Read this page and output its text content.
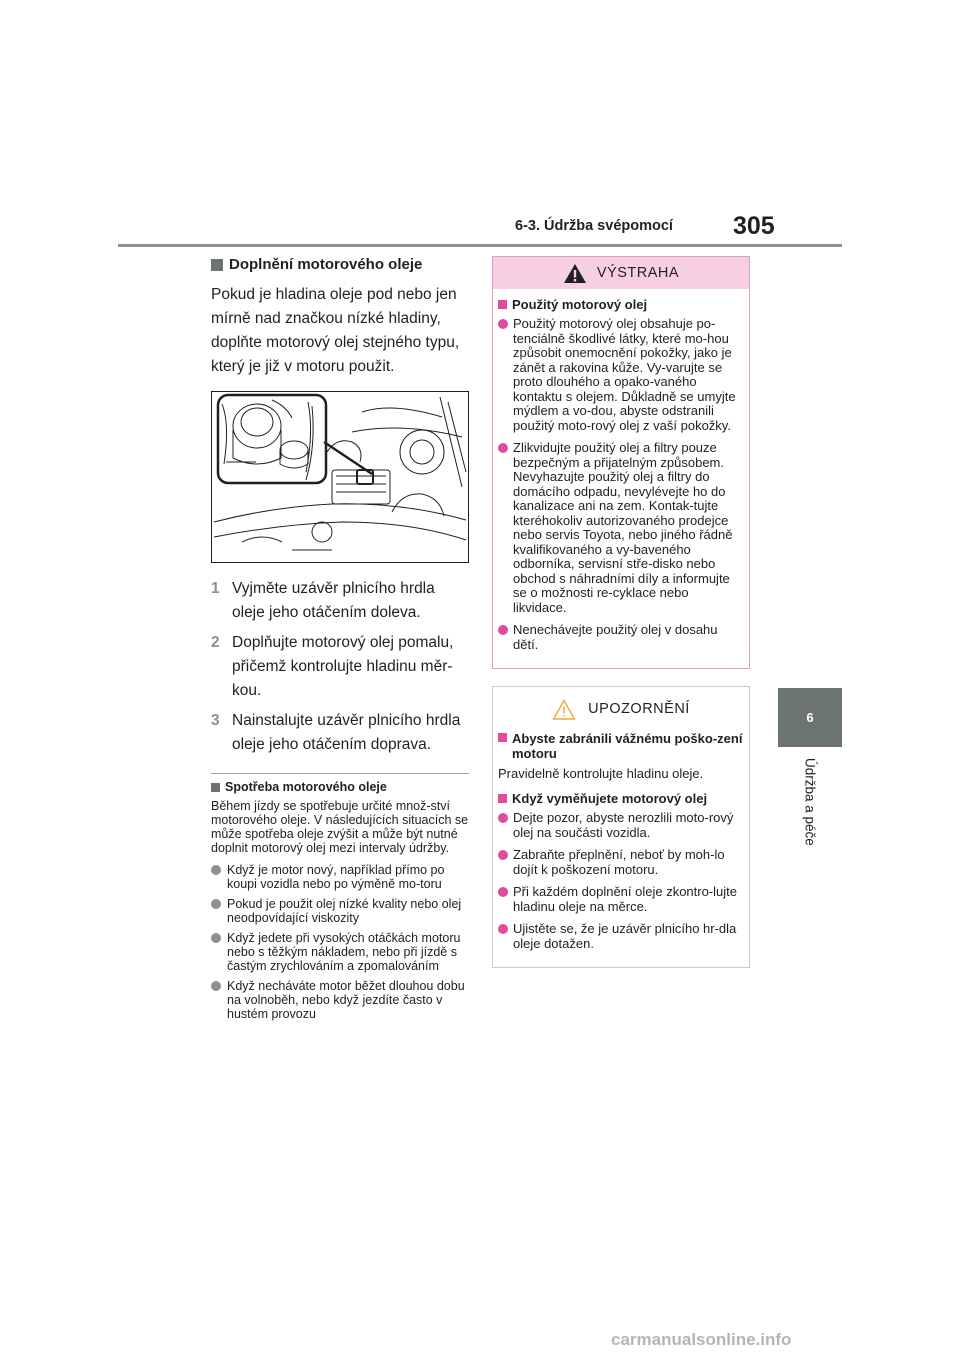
6-3. Údržba svépomocí 305
6
Údržba a péče
Doplnění motorového oleje

Pokud je hladina oleje pod nebo jen mírně nad značkou nízké hladiny, doplňte motorový olej stejného typu, který je již v motoru použit.

1 Vyjměte uzávěr plnicího hrdla oleje jeho otáčením doleva.
2 Doplňujte motorový olej pomalu, přičemž kontrolujte hladinu měr-kou.
3 Nainstalujte uzávěr plnicího hrdla oleje jeho otáčením doprava.
Spotřeba motorového oleje

Během jízdy se spotřebuje určité množ-ství motorového oleje. V následujících situacích se může spotřeba oleje zvýšit a může být nutné doplnit motorový olej mezi intervaly údržby.

Když je motor nový, například přímo po koupi vozidla nebo po výměně mo-toru
Pokud je použit olej nízké kvality nebo olej neodpovídající viskozity
Když jedete při vysokých otáčkách motoru nebo s těžkým nákladem, nebo při jízdě s častým zrychlováním a zpomalováním
Když necháváte motor běžet dlouhou dobu na volnoběh, nebo když jezdíte často v hustém provozu
VÝSTRAHA
Použitý motorový olej
Použitý motorový olej obsahuje po-tenciálně škodlivé látky, které mo-hou způsobit onemocnění pokožky, jako je zánět a rakovina kůže. Vy-varujte se proto dlouhého a opako-vaného kontaktu s olejem. Důkladně se umyjte mýdlem a vo-dou, abyste odstranili použitý moto-rový olej z vaší pokožky.
Zlikvidujte použitý olej a filtry pouze bezpečným a přijatelným způsobem. Nevyhazujte použitý olej a filtry do domácího odpadu, nevylévejte ho do kanalizace ani na zem. Kontak-tujte kteréhokoliv autorizovaného prodejce nebo servis Toyota, nebo jiného řádně kvalifikovaného a vy-baveného odborníka, servisní stře-disko nebo obchod s náhradními díly a informujte se o možnosti re-cyklace nebo likvidace.
Nenechávejte použitý olej v dosahu dětí.
UPOZORNĚNÍ
Abyste zabránili vážnému poško-zení motoru

Pravidelně kontrolujte hladinu oleje.

Když vyměňujete motorový olej
Dejte pozor, abyste nerozlili moto-rový olej na součásti vozidla.
Zabraňte přeplnění, neboť by moh-lo dojít k poškození motoru.
Při každém doplnění oleje zkontro-lujte hladinu oleje na měrce.
Ujistěte se, že je uzávěr plnicího hr-dla oleje dotažen.
carmanualsonline.info
